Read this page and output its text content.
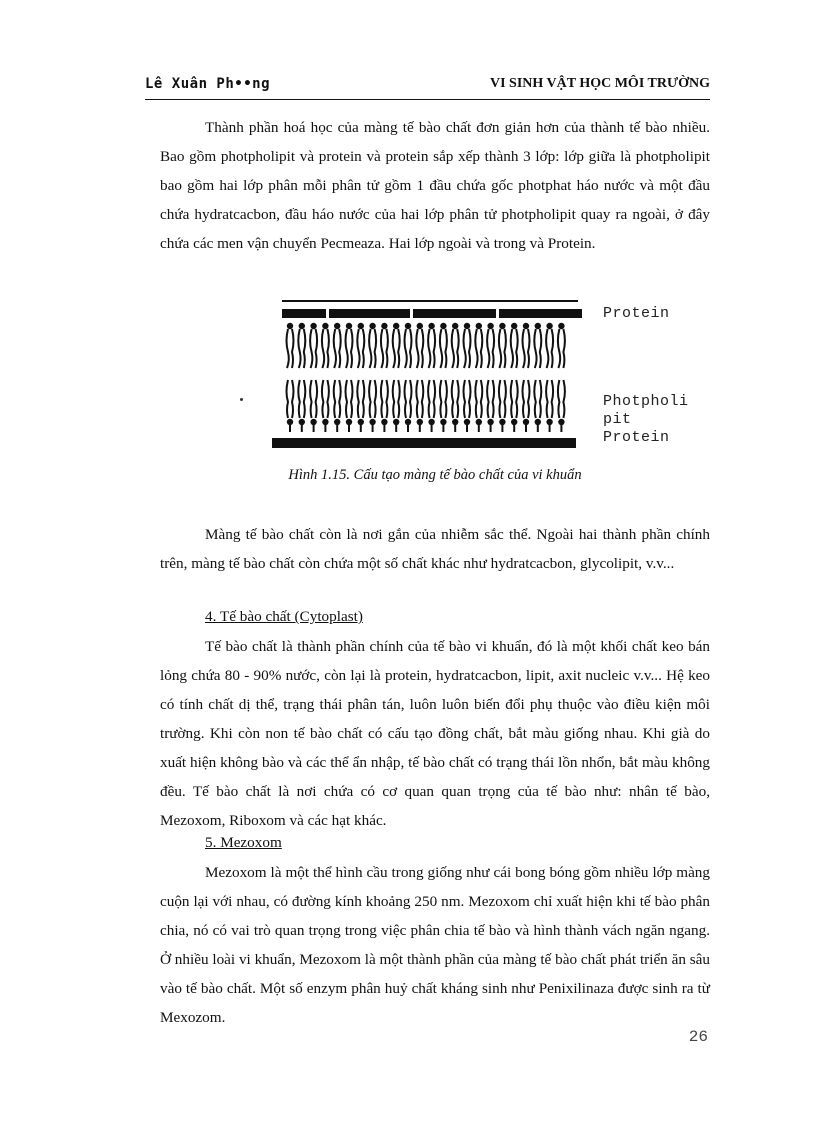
Lê Xuân Ph••ng	VI SINH VẬT HỌC MÔI TRƯỜNG

Thành phần hoá học của màng tế bào chất đơn giản hơn của thành tế bào nhiều. Bao gồm photpholipit và protein và protein sắp xếp thành 3 lớp: lớp giữa là photpholipit bao gồm hai lớp phân mỗi phân tử gồm 1 đầu chứa gốc photphat háo nước và một đầu chứa hydratcacbon, đầu háo nước của hai lớp phân tử photpholipit quay ra ngoài, ở đây chứa các men vận chuyển Pecmeaza. Hai lớp ngoài và trong và Protein.

Protein
Photpholi
pit
Protein
Hình 1.15. Cấu tạo màng tế bào chất của vi khuẩn

Màng tế bào chất còn là nơi gắn của nhiễm sắc thể. Ngoài hai thành phần chính trên, màng tế bào chất còn chứa một số chất khác như hydratcacbon, glycolipit, v.v...

4. Tế bào chất (Cytoplast)

Tế bào chất là thành phần chính của tế bào vi khuẩn, đó là một khối chất keo bán lỏng chứa 80 - 90% nước, còn lại là protein, hydratcacbon, lipit, axit nucleic v.v... Hệ keo có tính chất dị thể, trạng thái phân tán, luôn luôn biến đổi phụ thuộc vào điều kiện môi trường. Khi còn non tế bào chất có cấu tạo đồng chất, bắt màu giống nhau. Khi già do xuất hiện không bào và các thể ẩn nhập, tế bào chất có trạng thái lồn nhổn, bắt màu không đều. Tế bào chất là nơi chứa có cơ quan quan trọng của tế bào như: nhân tế bào, Mezoxom, Riboxom và các hạt khác.

5. Mezoxom

Mezoxom là một thể hình cầu trong giống như cái bong bóng gồm nhiều lớp màng cuộn lại với nhau, có đường kính khoảng 250 nm. Mezoxom chỉ xuất hiện khi tế bào phân chia, nó có vai trò quan trọng trong việc phân chia tế bào và hình thành vách ngăn ngang. Ở nhiều loài vi khuẩn, Mezoxom là một thành phần của màng tế bào chất phát triển ăn sâu vào tế bào chất. Một số enzym phân huỷ chất kháng sinh như Penixilinaza được sinh ra từ Mexozom.

26
